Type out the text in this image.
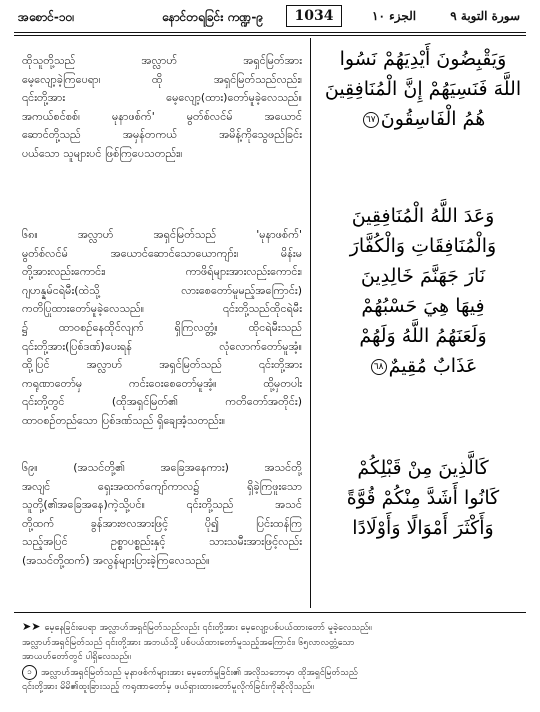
အစောင်-၁၀၊	နောင်တရခြင်း ကဏ္ဍ-၉	1034	الجزء ١٠	سورة التوبة ٩
ထိုသူတို့သည် အလ္လာဟ် အရှင်မြတ်အား
မေ့လျော့ခဲ့ကြပေရာ၊ ထို အရှင်မြတ်သည်လည်း၊
၎င်းတို့အား မေ့လျော့(ထား)တော်မူခဲ့လေသည်။
အကယ်စင်စစ်၊ မုနာဖစ်က်' မွတ်စ်လင်မ် အယောင်
ဆောင်တို့သည် အမှန်တကယ် အမိန့်ကိုသွေဖည်ခြင်း
ပယ်သော သူများပင် ဖြစ်ကြပေသတည်း။
၆၈။ အလ္လာဟ် အရှင်မြတ်သည် 'မုနာဖစ်က်'
မွတ်စ်လင်မ် အယောင်ဆောင်သောယောကျာ်း၊ မိန်းမ
တို့အားလည်းကောင်း၊ ကာဖိရ်များအားလည်းကောင်း၊
ဂျဟန္နမ်ငရဲမီး(ထဲသို့ လားစေတော်မူမည့်အကြောင်း)
ကတိပြုထားတော်မူခဲ့လေသည်။ ၎င်းတို့သည်ထိုငရဲမီး
၌ ထာဝစဉ်နေထိုင်လျက် ရှိကြလတ္တံ့။ ထိုငရဲမီးသည်
၎င်းတို့အား(ပြစ်ဒဏ်)ပေးရန် လုံလောက်တော်မူအံ့။
ထို့ပြင် အလ္လာဟ် အရှင်မြတ်သည် ၎င်းတို့အား
ကရုဏာတော်မှ ကင်းဝေးစေတော်မူအံ့။ ထို့မှတပါး
၎င်းတို့တွင် (ထိုအရှင်မြတ်၏ ကတိတော်အတိုင်း)
ထာဝစဉ်တည်သော ပြစ်ဒဏ်သည် ရှိချေအံ့သတည်း။
၆၉။ (အသင်တို့၏ အခြေအနေကား) အသင်တို့
အလျင် ရှေးအထက်ကျော်ကာလ၌ ရှိခဲ့ကြဖူးသော
သူတို့(၏အခြေအနေ)ကဲ့သို့ပင်။ ၎င်းတို့သည် အသင်
တို့ထက် ခွန်အားဗလအားဖြင့် ပို၍ ပြင်းထန်ကြ
သည့်အပြင် ဥစ္စာပစ္စည်းနှင့် သားသမီးအားဖြင့်လည်း
(အသင်တို့ထက်) အလွန်များပြားခဲ့ကြလေသည်။
وَيَقْبِضُونَ أَيْدِيَهُمْ نَسُوا
اللَّهَ فَنَسِيَهُمْ إِنَّ الْمُنَافِقِينَ
هُمُ الْفَاسِقُونَ٦٧
وَعَدَ اللَّهُ الْمُنَافِقِينَ
وَالْمُنَافِقَاتِ وَالْكُفَّارَ
نَارَ جَهَنَّمَ خَالِدِينَ
فِيهَا هِيَ حَسْبُهُمْ
وَلَعَنَهُمُ اللَّهُ وَلَهُمْ
عَذَابٌ مُقِيمٌ٦٨
كَالَّذِينَ مِنْ قَبْلِكُمْ
كَانُوا أَشَدَّ مِنْكُمْ قُوَّةً
وَأَكْثَرَ أَمْوَالًا وَأَوْلَادًا
➤➤ မေ့နေခြင်းပေရာ အလ္လာဟ်အရှင်မြတ်သည်လည်း ၎င်းတို့အား မေ့လျော့ပစ်ပယ်ထားတော် မူခဲ့လေသည်။
အလ္လာဟ်အရှင်မြတ်သည် ၎င်းတို့အား အဘယ်သို့ ပစ်ပယ်ထားတော်မူသည့်အကြောင်း၊ ၆၅လာလတ္တံ့သော
အာယဟ်တော်တွင် ပါရှိလေသည်။
၁ အလ္လာဟ်အရှင်မြတ်သည် မုနာဖစ်က်များအား မေ့တော်မူခြင်း၏ အလိုသဘောမှာ ထိုအရှင်မြတ်သည်
၎င်းတို့အား မိမိ၏ထူးခြားသည့် ကရုဏာတော်မှ ဖယ်ရှားထားတော်မူလိုက်ခြင်းကိုဆိုလိုသည်။
